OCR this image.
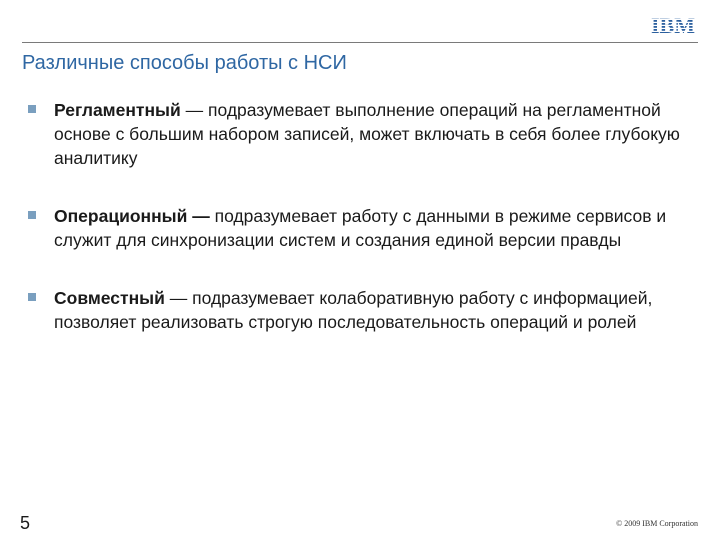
IBM
Различные способы работы с НСИ
Регламентный — подразумевает выполнение операций на регламентной основе с большим набором записей, может включать в себя более глубокую аналитику
Операционный — подразумевает работу с данными в режиме сервисов и служит для синхронизации систем и создания единой версии правды
Совместный — подразумевает колаборативную работу с информацией, позволяет реализовать строгую последовательность операций и ролей
5	© 2009 IBM Corporation
